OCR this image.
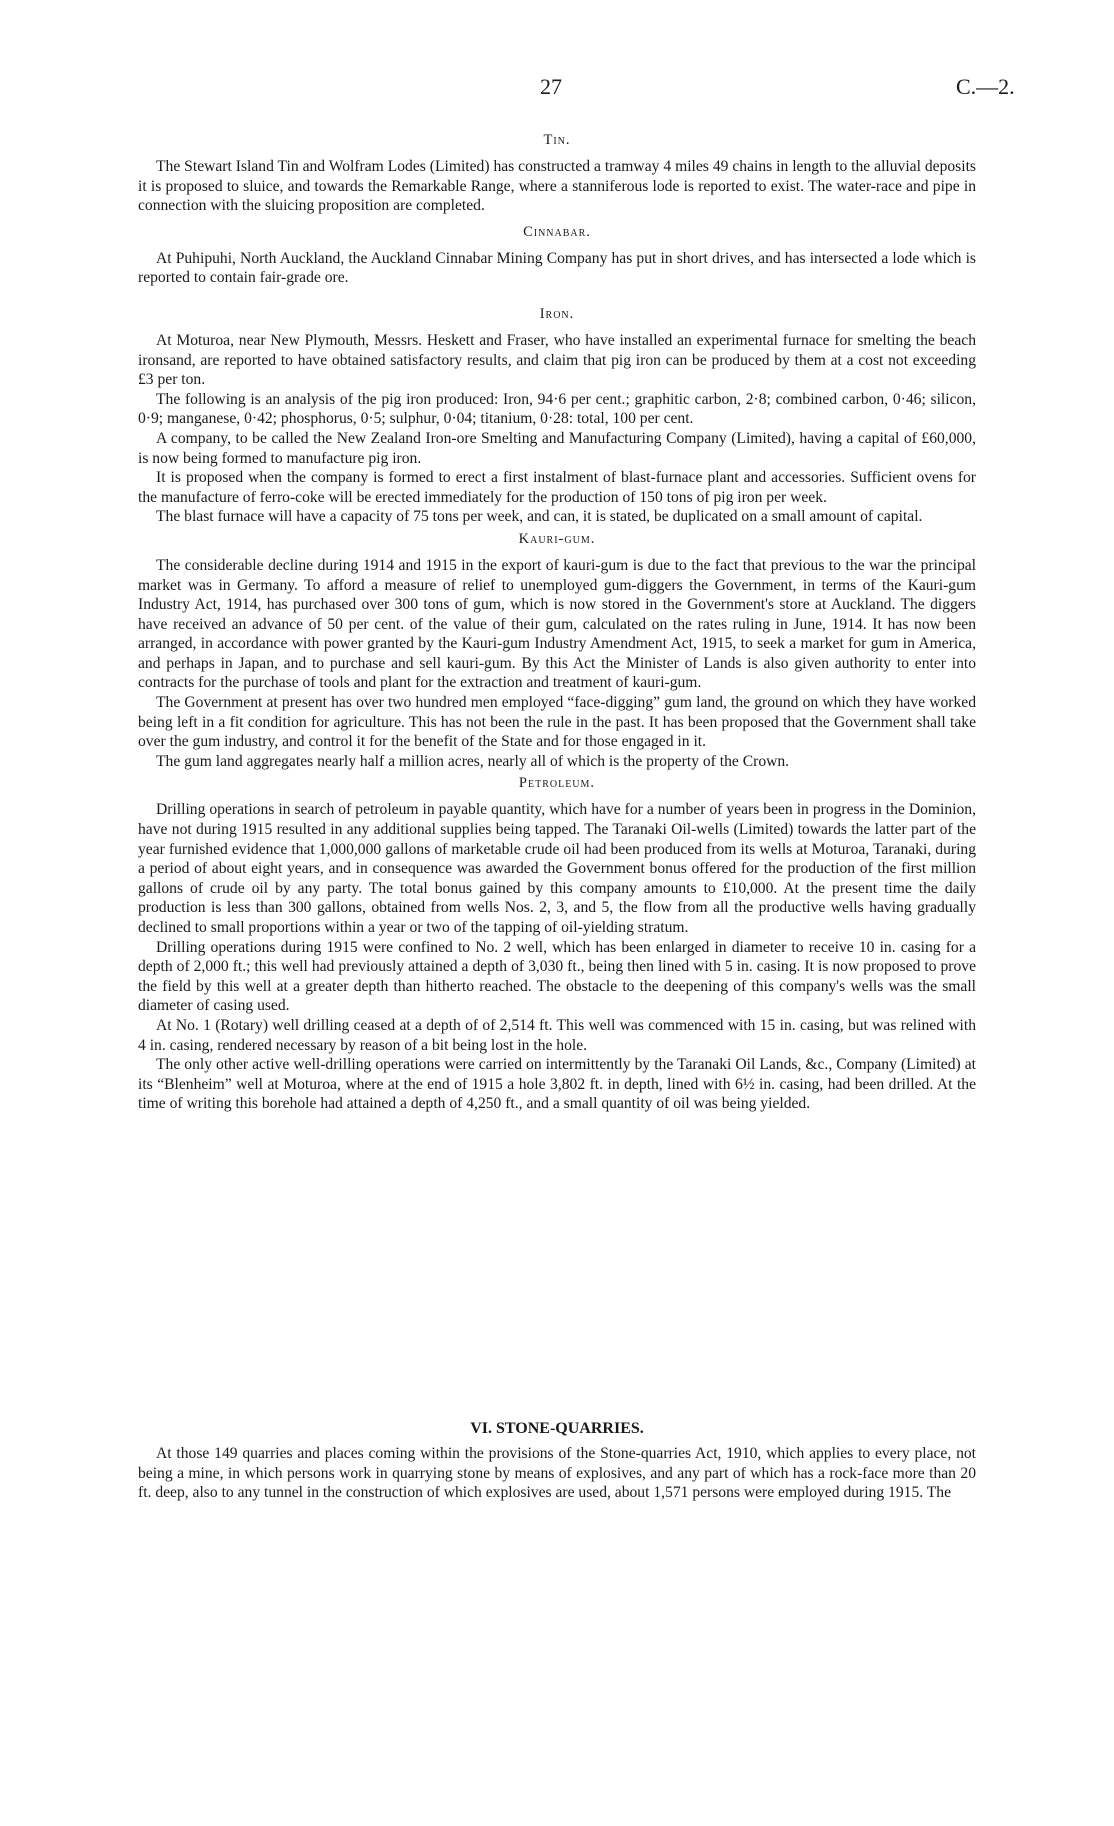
27	C.—2.
Tin.

The Stewart Island Tin and Wolfram Lodes (Limited) has constructed a tramway 4 miles 49 chains in length to the alluvial deposits it is proposed to sluice, and towards the Remarkable Range, where a stanniferous lode is reported to exist. The water-race and pipe in connection with the sluicing proposition are completed.

Cinnabar.

At Puhipuhi, North Auckland, the Auckland Cinnabar Mining Company has put in short drives, and has intersected a lode which is reported to contain fair-grade ore.

Iron.

At Moturoa, near New Plymouth, Messrs. Heskett and Fraser, who have installed an experimental furnace for smelting the beach ironsand, are reported to have obtained satisfactory results, and claim that pig iron can be produced by them at a cost not exceeding £3 per ton.

The following is an analysis of the pig iron produced: Iron, 94·6 per cent.; graphitic carbon, 2·8; combined carbon, 0·46; silicon, 0·9; manganese, 0·42; phosphorus, 0·5; sulphur, 0·04; titanium, 0·28: total, 100 per cent.

A company, to be called the New Zealand Iron-ore Smelting and Manufacturing Company (Limited), having a capital of £60,000, is now being formed to manufacture pig iron.

It is proposed when the company is formed to erect a first instalment of blast-furnace plant and accessories. Sufficient ovens for the manufacture of ferro-coke will be erected immediately for the production of 150 tons of pig iron per week.

The blast furnace will have a capacity of 75 tons per week, and can, it is stated, be duplicated on a small amount of capital.

Kauri-gum.

The considerable decline during 1914 and 1915 in the export of kauri-gum is due to the fact that previous to the war the principal market was in Germany. To afford a measure of relief to unemployed gum-diggers the Government, in terms of the Kauri-gum Industry Act, 1914, has purchased over 300 tons of gum, which is now stored in the Government's store at Auckland. The diggers have received an advance of 50 per cent. of the value of their gum, calculated on the rates ruling in June, 1914. It has now been arranged, in accordance with power granted by the Kauri-gum Industry Amendment Act, 1915, to seek a market for gum in America, and perhaps in Japan, and to purchase and sell kauri-gum. By this Act the Minister of Lands is also given authority to enter into contracts for the purchase of tools and plant for the extraction and treatment of kauri-gum.

The Government at present has over two hundred men employed “face-digging” gum land, the ground on which they have worked being left in a fit condition for agriculture. This has not been the rule in the past. It has been proposed that the Government shall take over the gum industry, and control it for the benefit of the State and for those engaged in it.

The gum land aggregates nearly half a million acres, nearly all of which is the property of the Crown.

Petroleum.

Drilling operations in search of petroleum in payable quantity, which have for a number of years been in progress in the Dominion, have not during 1915 resulted in any additional supplies being tapped. The Taranaki Oil-wells (Limited) towards the latter part of the year furnished evidence that 1,000,000 gallons of marketable crude oil had been produced from its wells at Moturoa, Taranaki, during a period of about eight years, and in consequence was awarded the Government bonus offered for the production of the first million gallons of crude oil by any party. The total bonus gained by this company amounts to £10,000. At the present time the daily production is less than 300 gallons, obtained from wells Nos. 2, 3, and 5, the flow from all the productive wells having gradually declined to small proportions within a year or two of the tapping of oil-yielding stratum.

Drilling operations during 1915 were confined to No. 2 well, which has been enlarged in diameter to receive 10 in. casing for a depth of 2,000 ft.; this well had previously attained a depth of 3,030 ft., being then lined with 5 in. casing. It is now proposed to prove the field by this well at a greater depth than hitherto reached. The obstacle to the deepening of this company's wells was the small diameter of casing used.

At No. 1 (Rotary) well drilling ceased at a depth of of 2,514 ft. This well was commenced with 15 in. casing, but was relined with 4 in. casing, rendered necessary by reason of a bit being lost in the hole.

The only other active well-drilling operations were carried on intermittently by the Taranaki Oil Lands, &c., Company (Limited) at its “Blenheim” well at Moturoa, where at the end of 1915 a hole 3,802 ft. in depth, lined with 6½ in. casing, had been drilled. At the time of writing this borehole had attained a depth of 4,250 ft., and a small quantity of oil was being yielded.

VI. STONE-QUARRIES.

At those 149 quarries and places coming within the provisions of the Stone-quarries Act, 1910, which applies to every place, not being a mine, in which persons work in quarrying stone by means of explosives, and any part of which has a rock-face more than 20 ft. deep, also to any tunnel in the construction of which explosives are used, about 1,571 persons were employed during 1915. The
